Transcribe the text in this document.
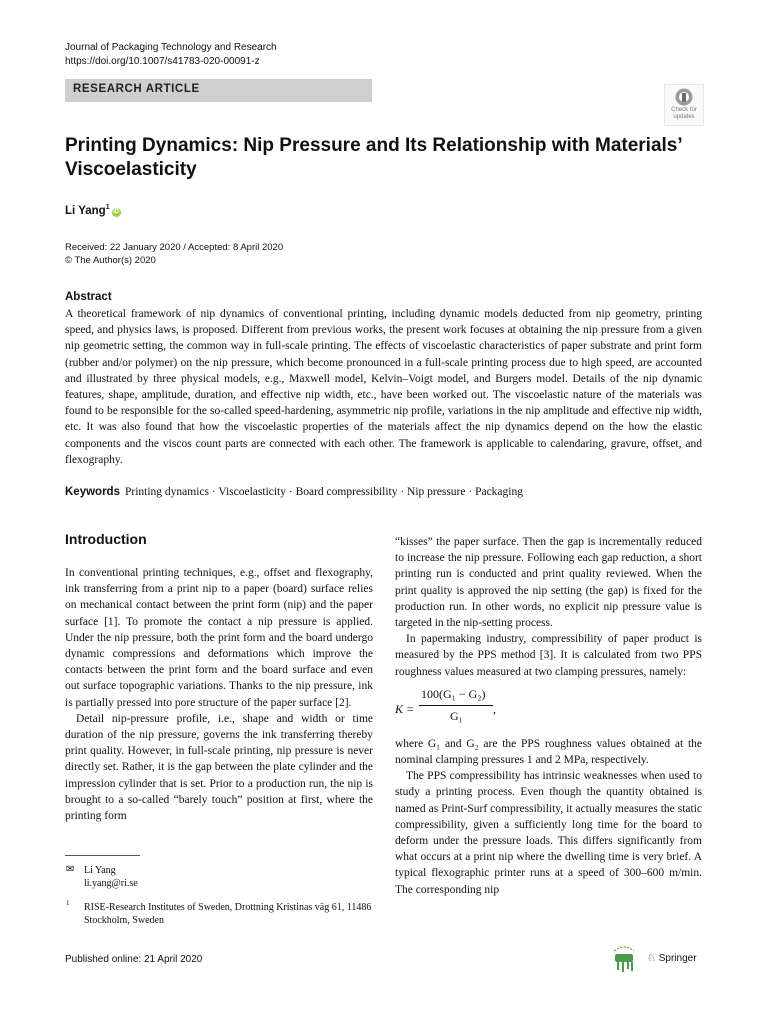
Journal of Packaging Technology and Research
https://doi.org/10.1007/s41783-020-00091-z
RESEARCH ARTICLE
Check for
updates
Printing Dynamics: Nip Pressure and Its Relationship with Materials’ Viscoelasticity
Li Yang$^1$iD
Received: 22 January 2020 / Accepted: 8 April 2020
© The Author(s) 2020
Abstract
A theoretical framework of nip dynamics of conventional printing, including dynamic models deducted from nip geometry, printing speed, and physics laws, is proposed. Different from previous works, the present work focuses at obtaining the nip pressure from a given nip geometric setting, the common way in full-scale printing. The effects of viscoelastic characteristics of paper substrate and print form (rubber and/or polymer) on the nip pressure, which become pronounced in a full-scale printing process due to high speed, are accounted and illustrated by three physical models, e.g., Maxwell model, Kelvin–Voigt model, and Burgers model. Details of the nip dynamic features, shape, amplitude, duration, and effective nip width, etc., have been worked out. The viscoelastic nature of the materials was found to be responsible for the so-called speed-hardening, asymmetric nip profile, variations in the nip amplitude and effective nip width, etc. It was also found that how the viscoelastic properties of the materials affect the nip dynamics depend on the how the elastic components and the viscos count parts are connected with each other. The framework is applicable to calendaring, gravure, offset, and flexography.
Keywords Printing dynamics · Viscoelasticity · Board compressibility · Nip pressure · Packaging
Introduction

In conventional printing techniques, e.g., offset and flexography, ink transferring from a print nip to a paper (board) surface relies on mechanical contact between the print form (nip) and the paper surface [1]. To promote the contact a nip pressure is applied. Under the nip pressure, both the print form and the board undergo dynamic compressions and deformations which improve the contacts between the print form and the board surface and even out surface topographic variations. Thanks to the nip pressure, ink is partially pressed into pore structure of the paper surface [2].

Detail nip-pressure profile, i.e., shape and width or time duration of the nip pressure, governs the ink transferring thereby print quality. However, in full-scale printing, nip pressure is never directly set. Rather, it is the gap between the plate cylinder and the impression cylinder that is set. Prior to a production run, the nip is brought to a so-called “barely touch” position at first, where the printing form

“kisses” the paper surface. Then the gap is incrementally reduced to increase the nip pressure. Following each gap reduction, a short printing run is conducted and print quality reviewed. When the print quality is approved the nip setting (the gap) is fixed for the production run. In other words, no explicit nip pressure value is targeted in the nip-setting process.

In papermaking industry, compressibility of paper product is measured by the PPS method [3]. It is calculated from two PPS roughness values measured at two clamping pressures, namely:

K =
100(G₁ − G₂)
G₁	,

where G₁ and G₂ are the PPS roughness values obtained at the nominal clamping pressures 1 and 2 MPa, respectively.

The PPS compressibility has intrinsic weaknesses when used to study a printing process. Even though the quantity obtained is named as Print-Surf compressibility, it actually measures the static compressibility, given a sufficiently long time for the board to deform under the pressure loads. This differs significantly from what occurs at a print nip where the dwelling time is very brief. A typical flexographic printer runs at a speed of 300–600 m/min. The corresponding nip

✉ Li Yang
li.yang@ri.se
1 RISE-Research Institutes of Sweden, Drottning Kristinas väg 61, 11486 Stockholm, Sweden
Published online: 21 April 2020	♘ Springer
